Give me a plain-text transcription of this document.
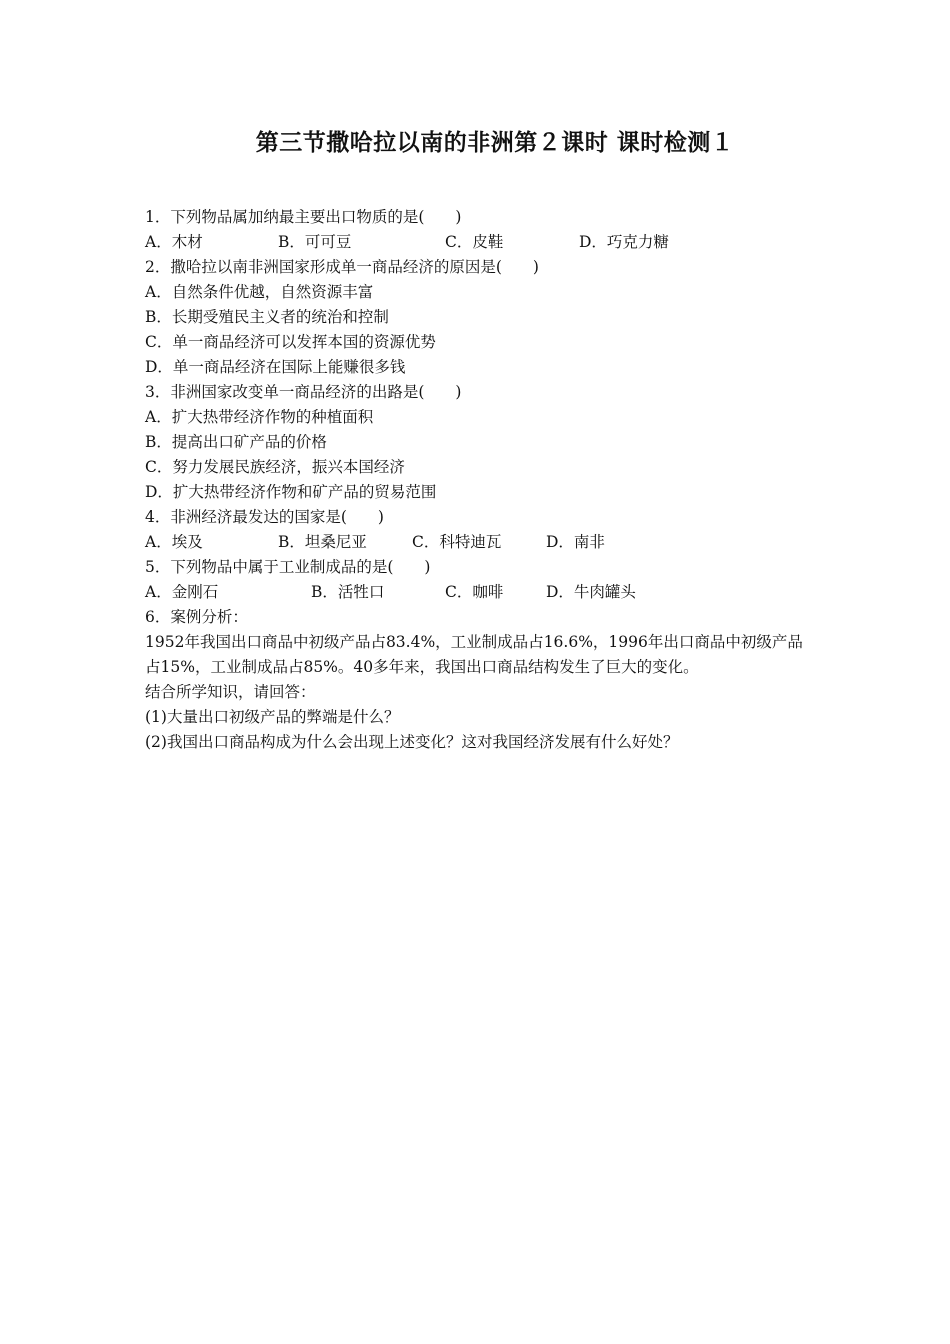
第三节撒哈拉以南的非洲第２课时 课时检测１
1．下列物品属加纳最主要出口物质的是(　　)
A．木材	B．可可豆	C．皮鞋	D．巧克力糖
2．撒哈拉以南非洲国家形成单一商品经济的原因是(　　)
A．自然条件优越，自然资源丰富
B．长期受殖民主义者的统治和控制
C．单一商品经济可以发挥本国的资源优势
D．单一商品经济在国际上能赚很多钱
3．非洲国家改变单一商品经济的出路是(　　)
A．扩大热带经济作物的种植面积
B．提高出口矿产品的价格
C．努力发展民族经济，振兴本国经济
D．扩大热带经济作物和矿产品的贸易范围
4．非洲经济最发达的国家是(　　)
A．埃及	B．坦桑尼亚	C．科特迪瓦	D．南非
5．下列物品中属于工业制成品的是(　　)
A．金刚石	B．活牲口	C．咖啡	D．牛肉罐头
6．案例分析：
1952年我国出口商品中初级产品占83.4%，工业制成品占16.6%，1996年出口商品中初级产品占15%，工业制成品占85%。40多年来，我国出口商品结构发生了巨大的变化。
结合所学知识，请回答：
(1)大量出口初级产品的弊端是什么？
(2)我国出口商品构成为什么会出现上述变化？这对我国经济发展有什么好处？
